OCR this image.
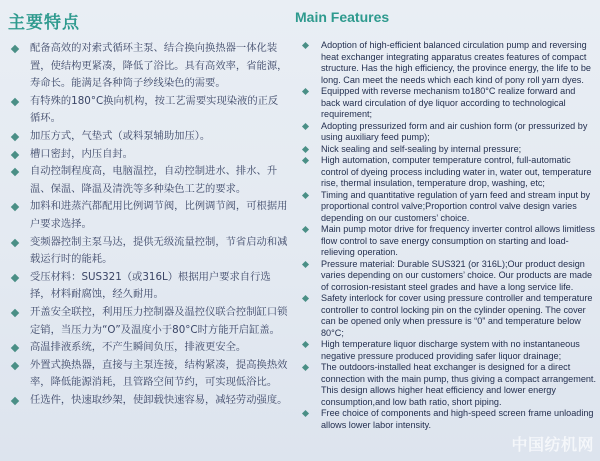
主要特点
配备高效的对索式循环主泵、结合换向换热器一体化装置，使结构更紧凑，降低了浴比。具有高效率，省能源，寿命长。能满足各种筒子纱线染色的需要。
有特殊的180°C换向机构，按工艺需要实现染液的正反循环。
加压方式，气垫式（或料泵辅助加压）。
槽口密封，内压自封。
自动控制程度高，电脑温控，自动控制进水、排水、升温、保温、降温及清洗等多种染色工艺的要求。
加料和进蒸汽都配用比例调节阀，比例调节阀，可根据用户要求选择。
变频器控制主泵马达，提供无级流量控制，节省启动和减载运行时的能耗。
受压材料：SUS321（或316L）根据用户要求自行选择，材料耐腐蚀，经久耐用。
开盖安全联控，利用压力控制器及温控仪联合控制缸口锁定销，当压力为“O”及温度小于80°C时方能开启缸盖。
高温排液系统，不产生瞬间负压，排液更安全。
外置式换热器，直接与主泵连接，结构紧凑，提高换热效率，降低能源消耗，且管路空间节约，可实现低浴比。
任选件，快速取纱架，使卸载快速容易，减轻劳动强度。
Main Features
Adoption of high-efficient balanced circulation pump and reversing heat exchanger integrating apparatus creates features of compact structure. Has the high efficiency, the province energy, the life to be long. Can meet the needs which each kind of pony roll yarn dyes.
Equipped with reverse mechanism to180°C realize forward and back ward circulation of dye liquor according to technological requirement;
Adopting pressurized form and air cushion form (or pressurized by using auxiliary feed pump);
Nick sealing and self-sealing by internal pressure;
High automation, computer temperature control, full-automatic control of dyeing process including water in, water out, temperature rise, thermal insulation, temperature drop, washing, etc;
Timing and quantitative regulation of yarn feed and stream input by proportional control valve;Proportion control valve design varies depending on our customers’ choice.
Main pump motor drive for frequency inverter control allows limitless flow control to save energy consumption on starting and load-relieving operation.
Pressure material: Durable SUS321 (or 316L);Our product design varies depending on our customers’ choice. Our products are made of corrosion-resistant steel grades and have a long service life.
Safety interlock for cover using pressure controller and temperature controller to control locking pin on the cylinder opening. The cover can be opened only when pressure is “0” and temperature below 80°C;
High temperature liquor discharge system with no instantaneous negative pressure produced providing safer liquor drainage;
The outdoors-installed heat exchanger is designed for a direct connection with the main pump, thus giving a compact arrangement. This design allows higher heat efficiency and lower energy consumption,and low bath ratio, short piping.
Free choice of components and high-speed screen frame unloading allows lower labor intensity.
中国纺机网
